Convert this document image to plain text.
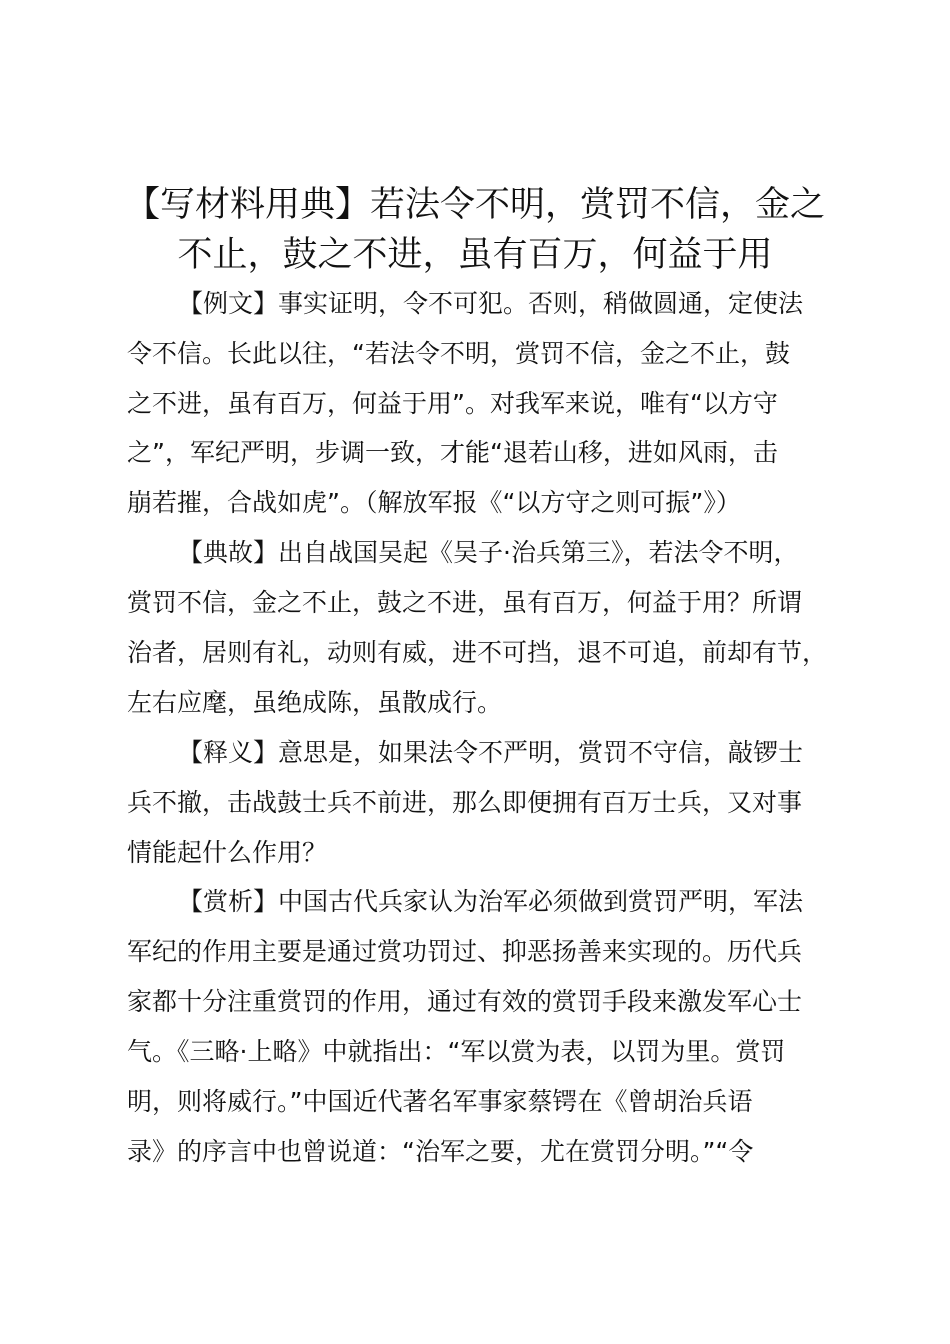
【写材料用典】若法令不明，赏罚不信，金之
不止，鼓之不进，虽有百万，何益于用

【例文】事实证明，令不可犯。否则，稍做圆通，定使法

令不信。长此以往，“若法令不明，赏罚不信，金之不止，鼓

之不进，虽有百万，何益于用”。对我军来说，唯有“以方守

之”，军纪严明，步调一致，才能“退若山移，进如风雨，击

崩若摧，合战如虎”。（解放军报《“以方守之则可振”》）

【典故】出自战国吴起《吴子·治兵第三》，若法令不明，

赏罚不信，金之不止，鼓之不进，虽有百万，何益于用？所谓

治者，居则有礼，动则有威，进不可挡，退不可追，前却有节，

左右应麾，虽绝成陈，虽散成行。

【释义】意思是，如果法令不严明，赏罚不守信，敲锣士

兵不撤，击战鼓士兵不前进，那么即便拥有百万士兵，又对事

情能起什么作用？

【赏析】中国古代兵家认为治军必须做到赏罚严明，军法

军纪的作用主要是通过赏功罚过、抑恶扬善来实现的。历代兵

家都十分注重赏罚的作用，通过有效的赏罚手段来激发军心士

气。《三略·上略》中就指出：“军以赏为表，以罚为里。赏罚

明，则将威行。”中国近代著名军事家蔡锷在《曾胡治兵语

录》的序言中也曾说道：“治军之要，尤在赏罚分明。”“令
